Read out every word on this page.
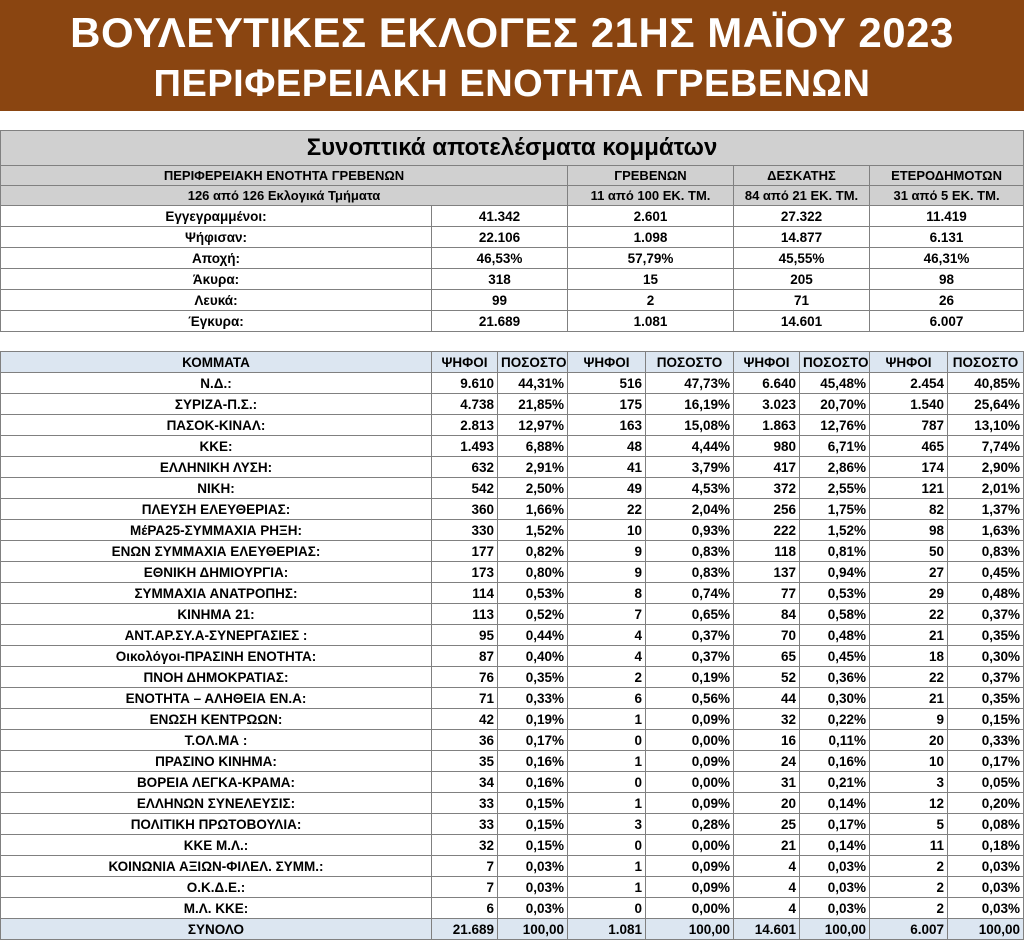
ΒΟΥΛΕΥΤΙΚΕΣ ΕΚΛΟΓΕΣ 21ΗΣ ΜΑΪΟΥ 2023
ΠΕΡΙΦΕΡΕΙΑΚΗ ΕΝΟΤΗΤΑ ΓΡΕΒΕΝΩΝ
Συνοπτικά αποτελέσματα κομμάτων								
ΠΕΡΙΦΕΡΕΙΑΚΗ ΕΝΟΤΗΤΑ ΓΡΕΒΕΝΩΝ			ΓΡΕΒΕΝΩΝ		ΔΕΣΚΑΤΗΣ		ΕΤΕΡΟΔΗΜΟΤΩΝ	
126 από 126 Εκλογικά Τμήματα			11 από 100 ΕΚ. ΤΜ.		84 από 21 ΕΚ. ΤΜ.		31 από 5 ΕΚ. ΤΜ.	
Εγγεγραμμένοι:	41.342		2.601		27.322		11.419	
Ψήφισαν:	22.106		1.098		14.877		6.131	
Αποχή:	46,53%		57,79%		45,55%		46,31%	
Άκυρα:	318		15		205		98	
Λευκά:	99		2		71		26	
Έγκυρα:	21.689		1.081		14.601		6.007	

ΚΟΜΜΑΤΑ	ΨΗΦΟΙ	ΠΟΣΟΣΤΟ	ΨΗΦΟΙ	ΠΟΣΟΣΤΟ	ΨΗΦΟΙ	ΠΟΣΟΣΤΟ	ΨΗΦΟΙ	ΠΟΣΟΣΤΟ
Ν.Δ.:	9.610	44,31%	516	47,73%	6.640	45,48%	2.454	40,85%
ΣΥΡΙΖΑ-Π.Σ.:	4.738	21,85%	175	16,19%	3.023	20,70%	1.540	25,64%
ΠΑΣΟΚ-ΚΙΝΑΛ:	2.813	12,97%	163	15,08%	1.863	12,76%	787	13,10%
ΚΚΕ:	1.493	6,88%	48	4,44%	980	6,71%	465	7,74%
ΕΛΛΗΝΙΚΗ ΛΥΣΗ:	632	2,91%	41	3,79%	417	2,86%	174	2,90%
ΝΙΚΗ:	542	2,50%	49	4,53%	372	2,55%	121	2,01%
ΠΛΕΥΣΗ ΕΛΕΥΘΕΡΙΑΣ:	360	1,66%	22	2,04%	256	1,75%	82	1,37%
ΜέΡΑ25-ΣΥΜΜΑΧΙΑ ΡΗΞΗ:	330	1,52%	10	0,93%	222	1,52%	98	1,63%
ΕΝΩΝ ΣΥΜΜΑΧΙΑ ΕΛΕΥΘΕΡΙΑΣ:	177	0,82%	9	0,83%	118	0,81%	50	0,83%
ΕΘΝΙΚΗ ΔΗΜΙΟΥΡΓΙΑ:	173	0,80%	9	0,83%	137	0,94%	27	0,45%
ΣΥΜΜΑΧΙΑ ΑΝΑΤΡΟΠΗΣ:	114	0,53%	8	0,74%	77	0,53%	29	0,48%
ΚΙΝΗΜΑ 21:	113	0,52%	7	0,65%	84	0,58%	22	0,37%
ΑΝΤ.ΑΡ.ΣΥ.Α-ΣΥΝΕΡΓΑΣΙΕΣ :	95	0,44%	4	0,37%	70	0,48%	21	0,35%
Οικολόγοι-ΠΡΑΣΙΝΗ ΕΝΟΤΗΤΑ:	87	0,40%	4	0,37%	65	0,45%	18	0,30%
ΠΝΟΗ ΔΗΜΟΚΡΑΤΙΑΣ:	76	0,35%	2	0,19%	52	0,36%	22	0,37%
ΕΝΟΤΗΤΑ – ΑΛΗΘΕΙΑ ΕΝ.Α:	71	0,33%	6	0,56%	44	0,30%	21	0,35%
ΕΝΩΣΗ ΚΕΝΤΡΩΩΝ:	42	0,19%	1	0,09%	32	0,22%	9	0,15%
Τ.ΟΛ.ΜΑ :	36	0,17%	0	0,00%	16	0,11%	20	0,33%
ΠΡΑΣΙΝΟ ΚΙΝΗΜΑ:	35	0,16%	1	0,09%	24	0,16%	10	0,17%
ΒΟΡΕΙΑ ΛΕΓΚΑ-ΚΡΑΜΑ:	34	0,16%	0	0,00%	31	0,21%	3	0,05%
ΕΛΛΗΝΩΝ ΣΥΝΕΛΕΥΣΙΣ:	33	0,15%	1	0,09%	20	0,14%	12	0,20%
ΠΟΛΙΤΙΚΗ ΠΡΩΤΟΒΟΥΛΙΑ:	33	0,15%	3	0,28%	25	0,17%	5	0,08%
ΚΚΕ Μ.Λ.:	32	0,15%	0	0,00%	21	0,14%	11	0,18%
ΚΟΙΝΩΝΙΑ ΑΞΙΩΝ-ΦΙΛΕΛ. ΣΥΜΜ.:	7	0,03%	1	0,09%	4	0,03%	2	0,03%
Ο.Κ.Δ.Ε.:	7	0,03%	1	0,09%	4	0,03%	2	0,03%
Μ.Λ. ΚΚΕ:	6	0,03%	0	0,00%	4	0,03%	2	0,03%
ΣΥΝΟΛΟ	21.689	100,00	1.081	100,00	14.601	100,00	6.007	100,00
